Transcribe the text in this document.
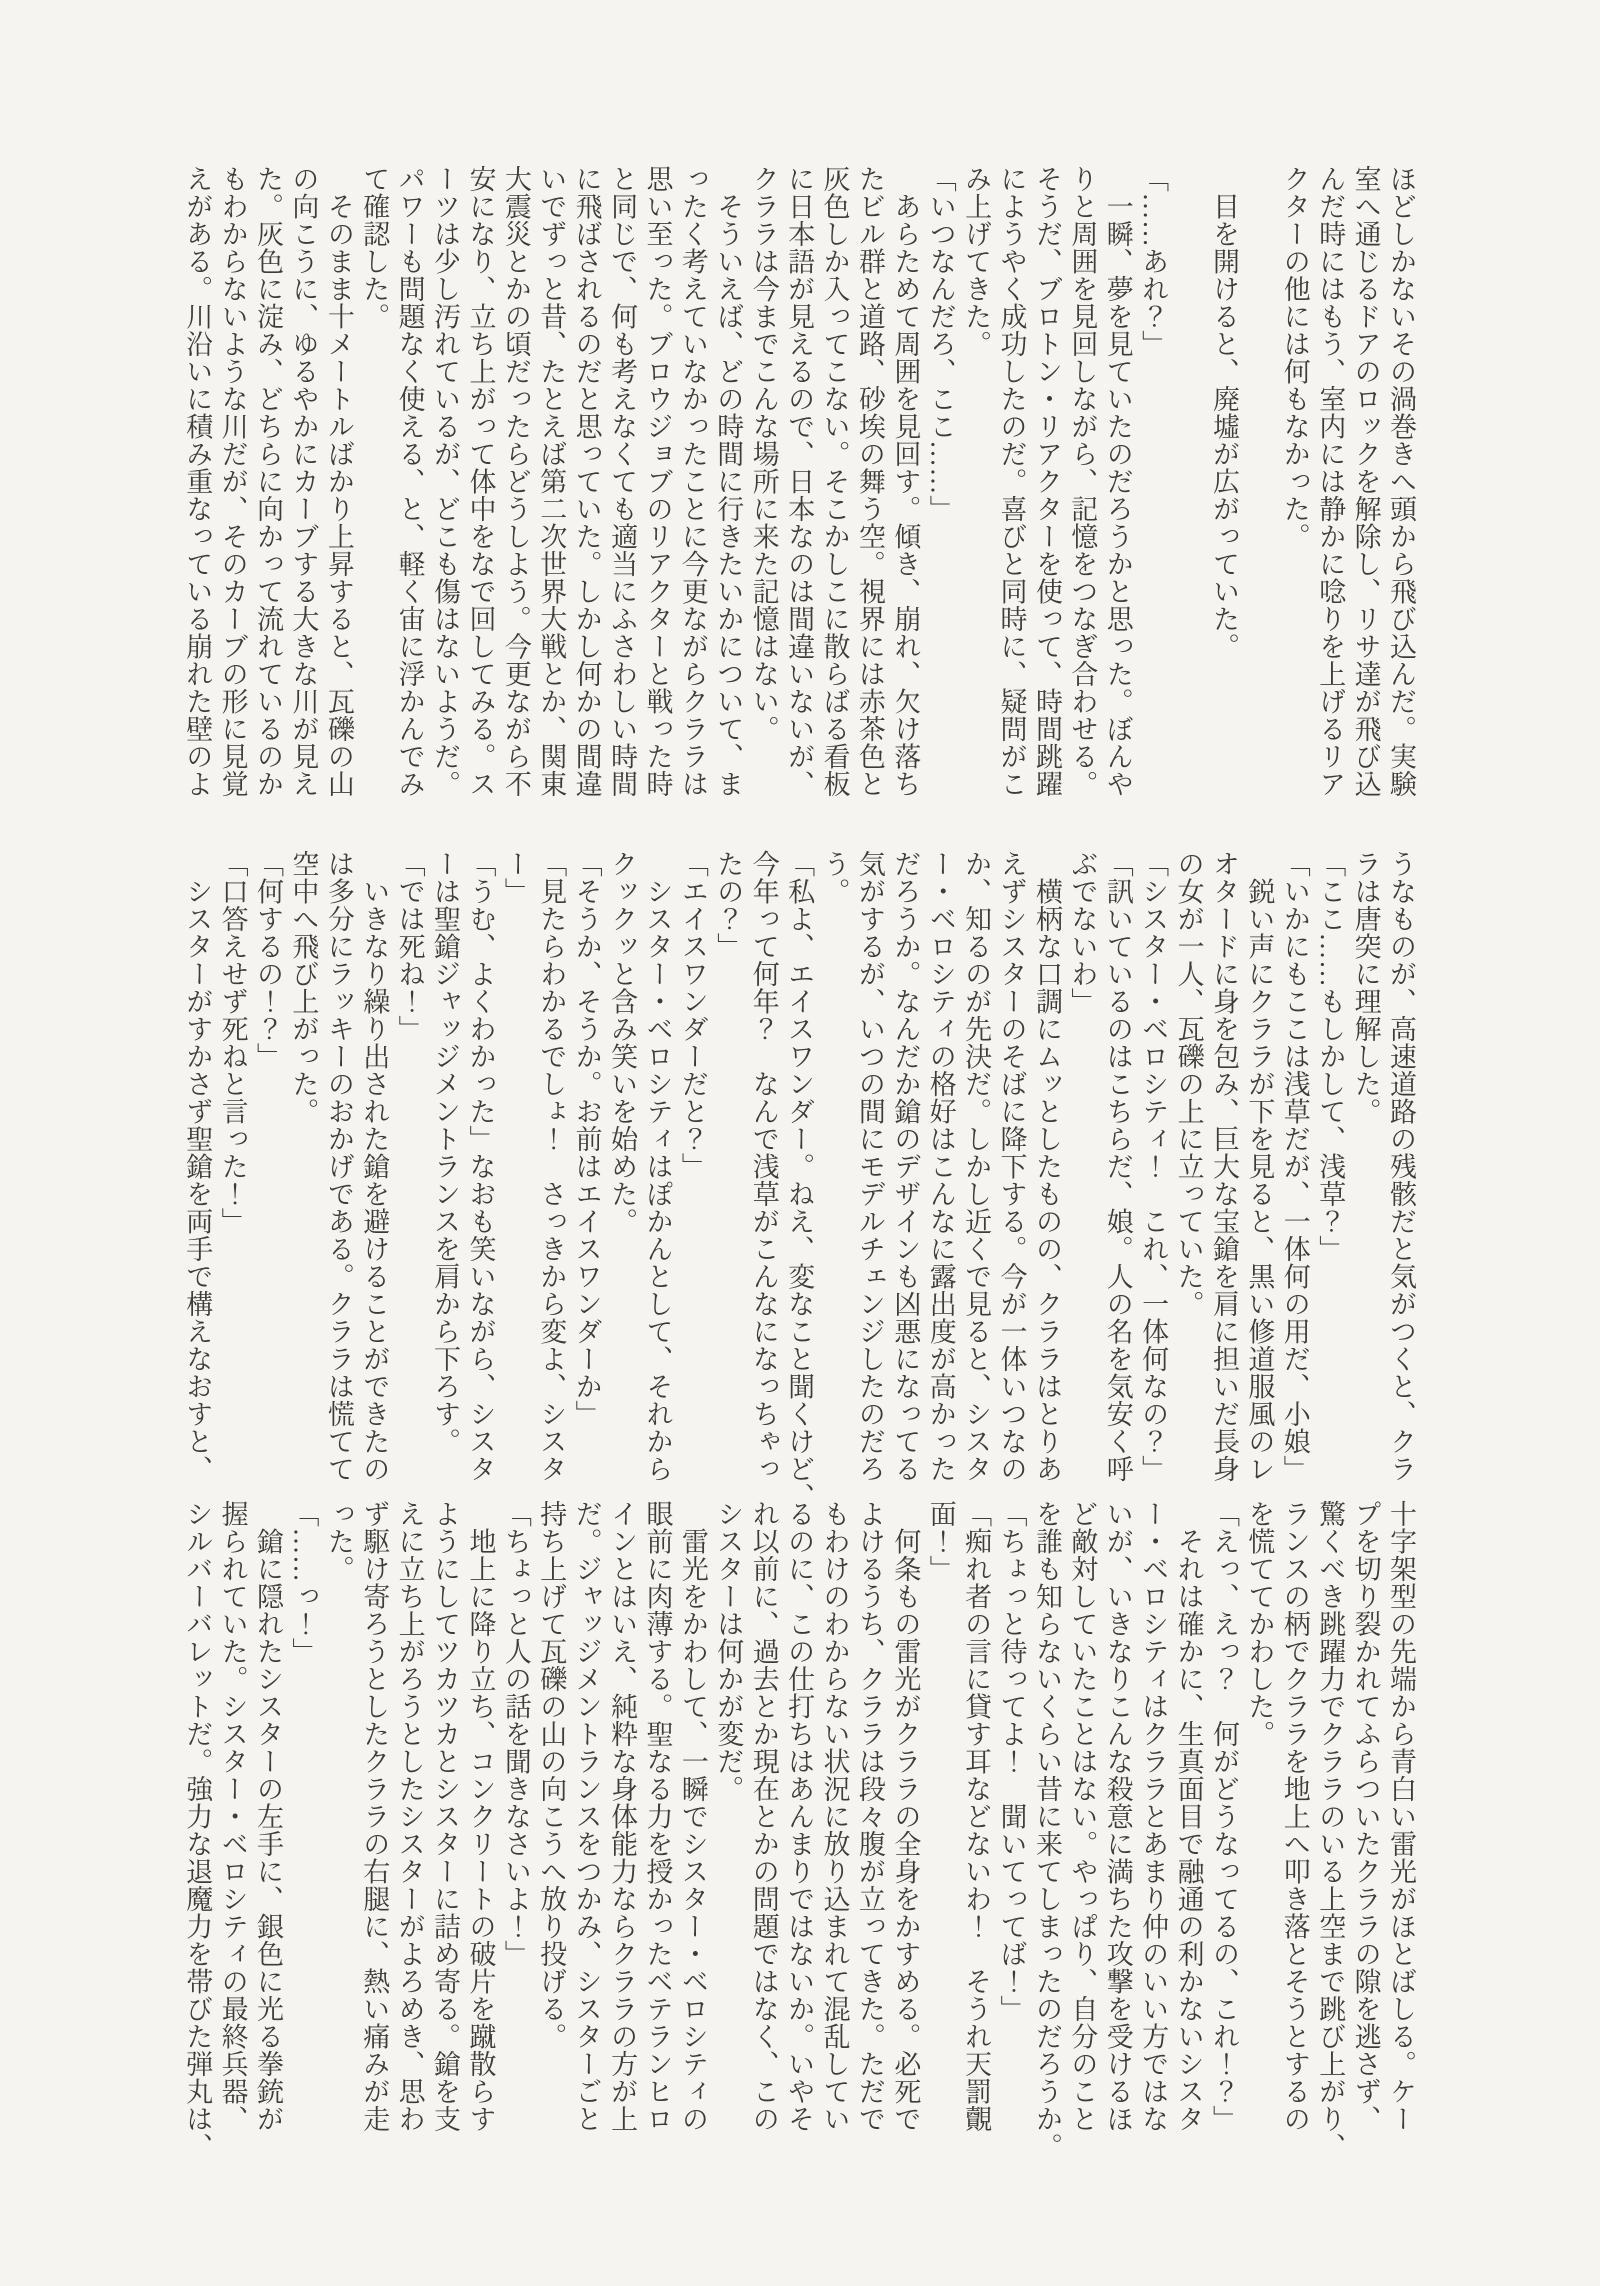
ほどしかないその渦巻きへ頭から飛び込んだ。実験
室へ通じるドアのロックを解除し、リサ達が飛び込
んだ時にはもう、室内には静かに唸りを上げるリア
クターの他には何もなかった。

　目を開けると、廃墟が広がっていた。

「……あれ？」
　一瞬、夢を見ていたのだろうかと思った。ぼんや
りと周囲を見回しながら、記憶をつなぎ合わせる。
そうだ、ブロトン・リアクターを使って、時間跳躍
にようやく成功したのだ。喜びと同時に、疑問がこ
み上げてきた。
「いつなんだろ、ここ……」
　あらためて周囲を見回す。傾き、崩れ、欠け落ち
たビル群と道路、砂埃の舞う空。視界には赤茶色と
灰色しか入ってこない。そこかしこに散らばる看板
に日本語が見えるので、日本なのは間違いないが、
クララは今までこんな場所に来た記憶はない。
　そういえば、どの時間に行きたいかについて、ま
ったく考えていなかったことに今更ながらクララは
思い至った。ブロウジョブのリアクターと戦った時
と同じで、何も考えなくても適当にふさわしい時間
に飛ばされるのだと思っていた。しかし何かの間違
いでずっと昔、たとえば第二次世界大戦とか、関東
大震災とかの頃だったらどうしよう。今更ながら不
安になり、立ち上がって体中をなで回してみる。ス
ーツは少し汚れているが、どこも傷はないようだ。
パワーも問題なく使える、と、軽く宙に浮かんでみ
て確認した。
　そのまま十メートルばかり上昇すると、瓦礫の山
の向こうに、ゆるやかにカーブする大きな川が見え
た。灰色に淀み、どちらに向かって流れているのか
もわからないような川だが、そのカーブの形に見覚
えがある。川沿いに積み重なっている崩れた壁のよ
うなものが、高速道路の残骸だと気がつくと、クラ
ラは唐突に理解した。
「ここ……もしかして、浅草？」
「いかにもここは浅草だが、一体何の用だ、小娘」
　鋭い声にクララが下を見ると、黒い修道服風のレ
オタードに身を包み、巨大な宝鎗を肩に担いだ長身
の女が一人、瓦礫の上に立っていた。
「シスター・ベロシティ！　これ、一体何なの？」
「訊いているのはこちらだ、娘。人の名を気安く呼
ぶでないわ」
　横柄な口調にムッとしたものの、クララはとりあ
えずシスターのそばに降下する。今が一体いつなの
か、知るのが先決だ。しかし近くで見ると、シスタ
ー・ベロシティの格好はこんなに露出度が高かった
だろうか。なんだか鎗のデザインも凶悪になってる
気がするが、いつの間にモデルチェンジしたのだろ
う。
「私よ、エイスワンダー。ねえ、変なこと聞くけど、
今年って何年？　なんで浅草がこんなになっちゃっ
たの？」
「エイスワンダーだと？」
　シスター・ベロシティはぽかんとして、それから
クックッと含み笑いを始めた。
「そうか、そうか。お前はエイスワンダーか」
「見たらわかるでしょ！　さっきから変よ、シスタ
ー」
「うむ、よくわかった」なおも笑いながら、シスタ
ーは聖鎗ジャッジメントランスを肩から下ろす。
「では死ね！」
　いきなり繰り出された鎗を避けることができたの
は多分にラッキーのおかげである。クララは慌てて
空中へ飛び上がった。
「何するの！？」
「口答えせず死ねと言った！」
　シスターがすかさず聖鎗を両手で構えなおすと、
十字架型の先端から青白い雷光がほとばしる。ケー
プを切り裂かれてふらついたクララの隙を逃さず、
驚くべき跳躍力でクララのいる上空まで跳び上がり、
ランスの柄でクララを地上へ叩き落とそうとするの
を慌ててかわした。
「えっ、えっ？　何がどうなってるの、これ！？」
　それは確かに、生真面目で融通の利かないシスタ
ー・ベロシティはクララとあまり仲のいい方ではな
いが、いきなりこんな殺意に満ちた攻撃を受けるほ
ど敵対していたことはない。やっぱり、自分のこと
を誰も知らないくらい昔に来てしまったのだろうか。
「ちょっと待ってよ！　聞いてってば！」
「痴れ者の言に貸す耳などないわ！　そうれ天罰覿
面！」
　何条もの雷光がクララの全身をかすめる。必死で
よけるうち、クララは段々腹が立ってきた。ただで
もわけのわからない状況に放り込まれて混乱してい
るのに、この仕打ちはあんまりではないか。いやそ
れ以前に、過去とか現在とかの問題ではなく、この
シスターは何かが変だ。
　雷光をかわして、一瞬でシスター・ベロシティの
眼前に肉薄する。聖なる力を授かったベテランヒロ
インとはいえ、純粋な身体能力ならクララの方が上
だ。ジャッジメントランスをつかみ、シスターごと
持ち上げて瓦礫の山の向こうへ放り投げる。
「ちょっと人の話を聞きなさいよ！」
　地上に降り立ち、コンクリートの破片を蹴散らす
ようにしてツカツカとシスターに詰め寄る。鎗を支
えに立ち上がろうとしたシスターがよろめき、思わ
ず駆け寄ろうとしたクララの右腿に、熱い痛みが走
った。
「……っ！」
　鎗に隠れたシスターの左手に、銀色に光る拳銃が
握られていた。シスター・ベロシティの最終兵器、
シルバーバレットだ。強力な退魔力を帯びた弾丸は、
